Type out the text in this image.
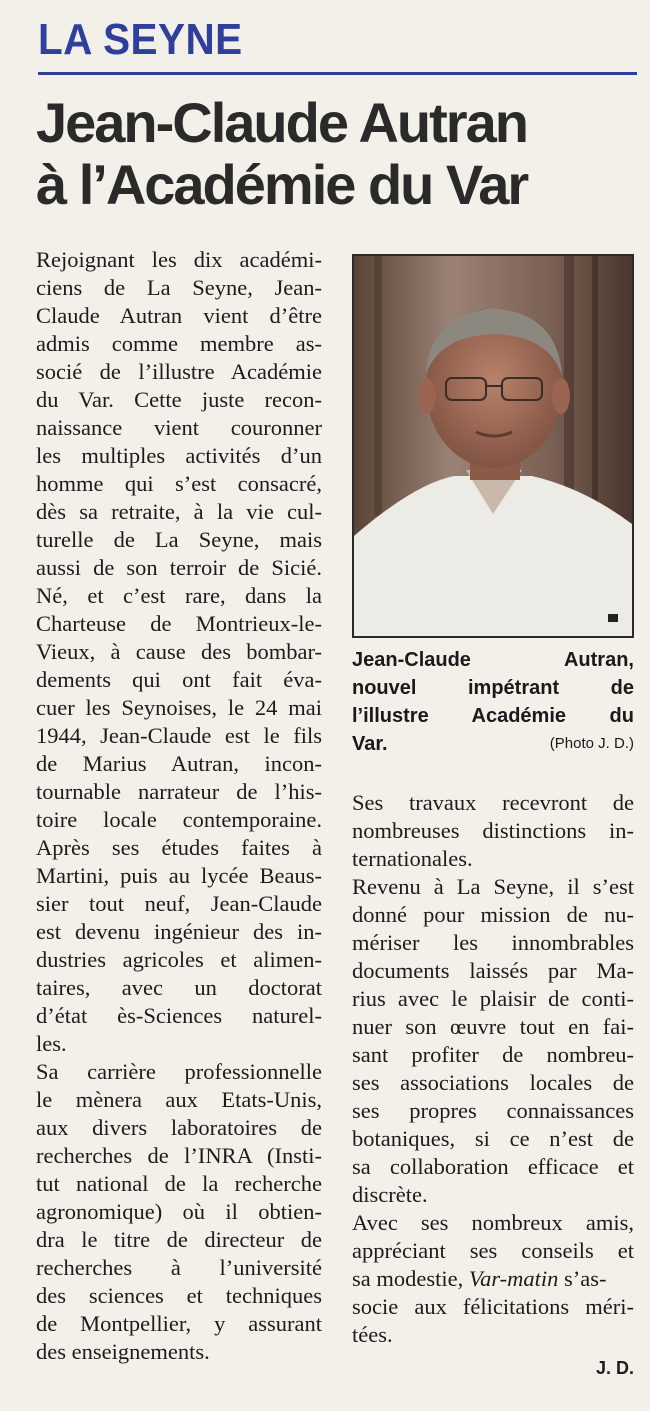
LA SEYNE
Jean-Claude Autran
à l’Académie du Var

Rejoignant les dix académi-

ciens de La Seyne, Jean-

Claude Autran vient d’être

admis comme membre as-

socié de l’illustre Académie

du Var. Cette juste recon-

naissance vient couronner

les multiples activités d’un

homme qui s’est consacré,

dès sa retraite, à la vie cul-

turelle de La Seyne, mais

aussi de son terroir de Sicié.

Né, et c’est rare, dans la

Charteuse de Montrieux-le-

Vieux, à cause des bombar-

dements qui ont fait éva-

cuer les Seynoises, le 24 mai

1944, Jean-Claude est le fils

de Marius Autran, incon-

tournable narrateur de l’his-

toire locale contemporaine.

Après ses études faites à

Martini, puis au lycée Beaus-

sier tout neuf, Jean-Claude

est devenu ingénieur des in-

dustries agricoles et alimen-

taires, avec un doctorat

d’état ès-Sciences naturel-

les.

Sa carrière professionnelle

le mènera aux Etats-Unis,

aux divers laboratoires de

recherches de l’INRA (Insti-

tut national de la recherche

agronomique) où il obtien-

dra le titre de directeur de

recherches à l’université

des sciences et techniques

de Montpellier, y assurant

des enseignements.

Jean-Claude Autran,
nouvel impétrant de
l’illustre Académie du
Var.	(Photo J. D.)

Ses travaux recevront de

nombreuses distinctions in-

ternationales.

Revenu à La Seyne, il s’est

donné pour mission de nu-

mériser les innombrables

documents laissés par Ma-

rius avec le plaisir de conti-

nuer son œuvre tout en fai-

sant profiter de nombreu-

ses associations locales de

ses propres connaissances

botaniques, si ce n’est de

sa collaboration efficace et

discrète.

Avec ses nombreux amis,

appréciant ses conseils et

sa modestie, Var-matin s’as-

socie aux félicitations méri-

tées.

J. D.
